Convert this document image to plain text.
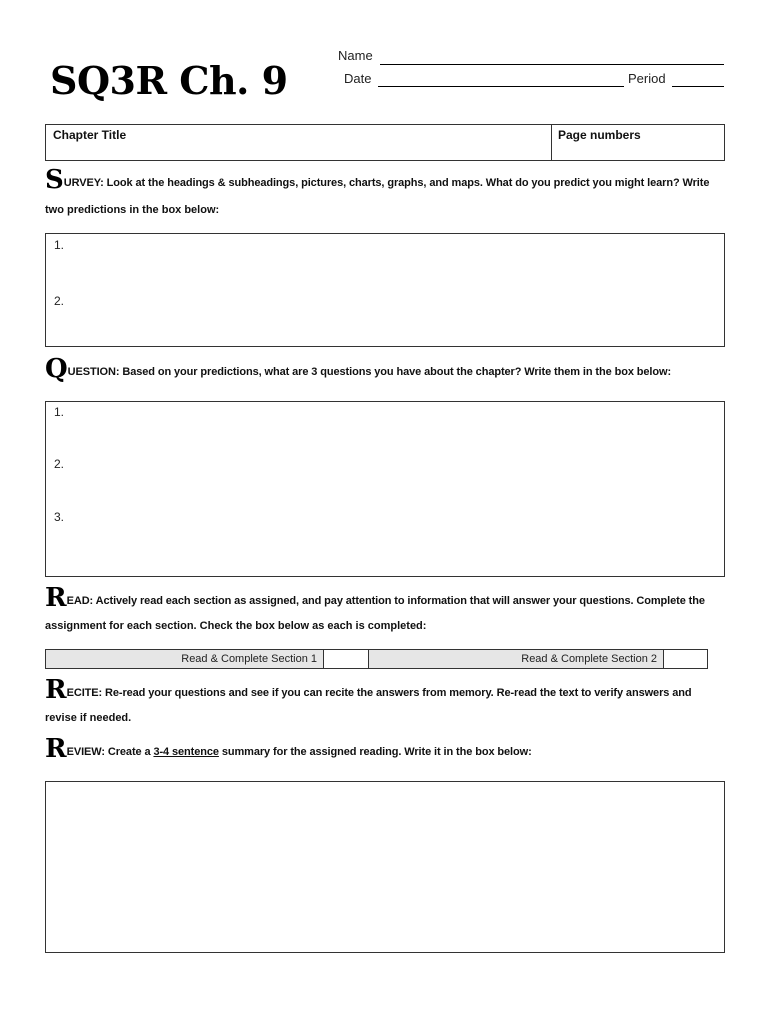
SQ3R Ch. 9
Name
Date	Period
Chapter Title	Page numbers
SURVEY: Look at the headings & subheadings, pictures, charts, graphs, and maps. What do you predict you might learn? Write
two predictions in the box below:
1.
2.
QUESTION: Based on your predictions, what are 3 questions you have about the chapter? Write them in the box below:
1.
2.
3.
READ: Actively read each section as assigned, and pay attention to information that will answer your questions. Complete the
assignment for each section. Check the box below as each is completed:
Read & Complete Section 1	Read & Complete Section 2
RECITE: Re-read your questions and see if you can recite the answers from memory. Re-read the text to verify answers and
revise if needed.
REVIEW: Create a 3-4 sentence summary for the assigned reading. Write it in the box below:
